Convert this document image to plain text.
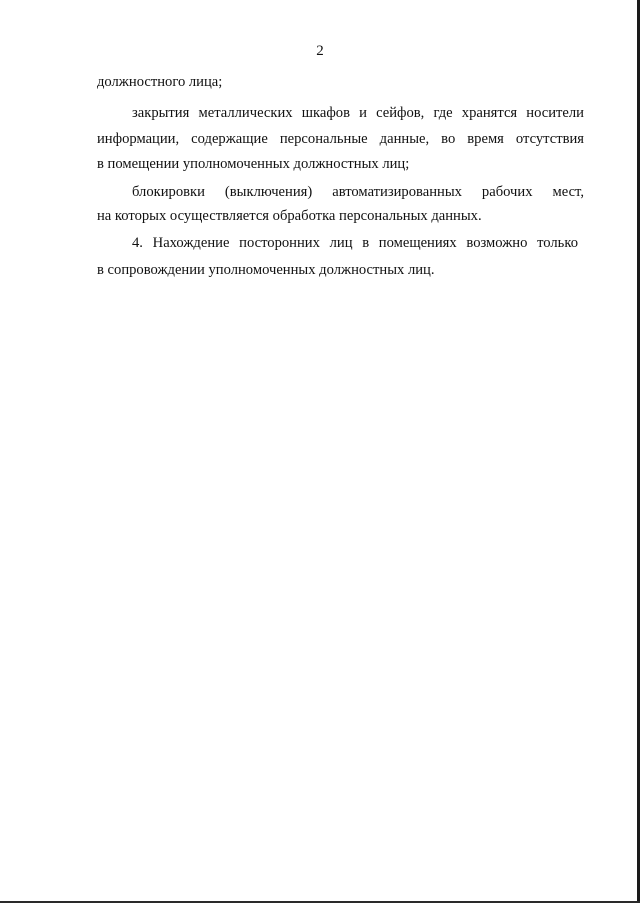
2
должностного лица;
закрытия металлических шкафов и сейфов, где хранятся носители
информации, содержащие персональные данные, во время отсутствия
в помещении уполномоченных должностных лиц;
блокировки (выключения) автоматизированных рабочих мест,
на которых осуществляется обработка персональных данных.
4. Нахождение посторонних лиц в помещениях возможно только
в сопровождении уполномоченных должностных лиц.
